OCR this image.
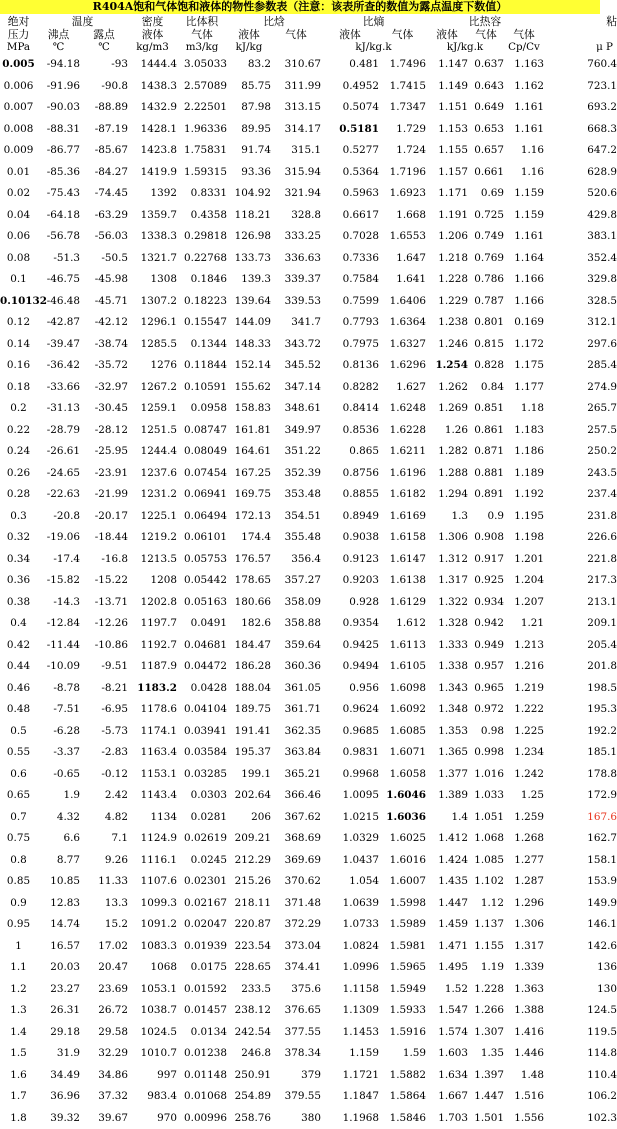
R404A饱和气体饱和液体的物性参数表（注意：该表所查的数值为露点温度下数值）
绝对	温度		密度	比体积	比焓		比熵		比热容			粘
压力	沸点	露点	液体	气体	液体	气体	液体	气体	液体	气体	气体	
MPa	℃	℃	kg/m3	m3/kg	kJ/kg		kJ/kg.k		kJ/kg.k		Cp/Cv	μ P
0.005	-94.18	-93	1444.4	3.05033	83.2	310.67	0.481	1.7496	1.147	0.637	1.163	760.4
0.006	-91.96	-90.8	1438.3	2.57089	85.75	311.99	0.4952	1.7415	1.149	0.643	1.162	723.1
0.007	-90.03	-88.89	1432.9	2.22501	87.98	313.15	0.5074	1.7347	1.151	0.649	1.161	693.2
0.008	-88.31	-87.19	1428.1	1.96336	89.95	314.17	0.5181	1.729	1.153	0.653	1.161	668.3
0.009	-86.77	-85.67	1423.8	1.75831	91.74	315.1	0.5277	1.724	1.155	0.657	1.16	647.2
0.01	-85.36	-84.27	1419.9	1.59315	93.36	315.94	0.5364	1.7196	1.157	0.661	1.16	628.9
0.02	-75.43	-74.45	1392	0.8331	104.92	321.94	0.5963	1.6923	1.171	0.69	1.159	520.6
0.04	-64.18	-63.29	1359.7	0.4358	118.21	328.8	0.6617	1.668	1.191	0.725	1.159	429.8
0.06	-56.78	-56.03	1338.3	0.29818	126.98	333.25	0.7028	1.6553	1.206	0.749	1.161	383.1
0.08	-51.3	-50.5	1321.7	0.22768	133.73	336.63	0.7336	1.647	1.218	0.769	1.164	352.4
0.1	-46.75	-45.98	1308	0.1846	139.3	339.37	0.7584	1.641	1.228	0.786	1.166	329.8
0.10132	-46.48	-45.71	1307.2	0.18223	139.64	339.53	0.7599	1.6406	1.229	0.787	1.166	328.5
0.12	-42.87	-42.12	1296.1	0.15547	144.09	341.7	0.7793	1.6364	1.238	0.801	0.169	312.1
0.14	-39.47	-38.74	1285.5	0.1344	148.33	343.72	0.7975	1.6327	1.246	0.815	1.172	297.6
0.16	-36.42	-35.72	1276	0.11844	152.14	345.52	0.8136	1.6296	1.254	0.828	1.175	285.4
0.18	-33.66	-32.97	1267.2	0.10591	155.62	347.14	0.8282	1.627	1.262	0.84	1.177	274.9
0.2	-31.13	-30.45	1259.1	0.0958	158.83	348.61	0.8414	1.6248	1.269	0.851	1.18	265.7
0.22	-28.79	-28.12	1251.5	0.08747	161.81	349.97	0.8536	1.6228	1.26	0.861	1.183	257.5
0.24	-26.61	-25.95	1244.4	0.08049	164.61	351.22	0.865	1.6211	1.282	0.871	1.186	250.2
0.26	-24.65	-23.91	1237.6	0.07454	167.25	352.39	0.8756	1.6196	1.288	0.881	1.189	243.5
0.28	-22.63	-21.99	1231.2	0.06941	169.75	353.48	0.8855	1.6182	1.294	0.891	1.192	237.4
0.3	-20.8	-20.17	1225.1	0.06494	172.13	354.51	0.8949	1.6169	1.3	0.9	1.195	231.8
0.32	-19.06	-18.44	1219.2	0.06101	174.4	355.48	0.9038	1.6158	1.306	0.908	1.198	226.6
0.34	-17.4	-16.8	1213.5	0.05753	176.57	356.4	0.9123	1.6147	1.312	0.917	1.201	221.8
0.36	-15.82	-15.22	1208	0.05442	178.65	357.27	0.9203	1.6138	1.317	0.925	1.204	217.3
0.38	-14.3	-13.71	1202.8	0.05163	180.66	358.09	0.928	1.6129	1.322	0.934	1.207	213.1
0.4	-12.84	-12.26	1197.7	0.0491	182.6	358.88	0.9354	1.612	1.328	0.942	1.21	209.1
0.42	-11.44	-10.86	1192.7	0.04681	184.47	359.64	0.9425	1.6113	1.333	0.949	1.213	205.4
0.44	-10.09	-9.51	1187.9	0.04472	186.28	360.36	0.9494	1.6105	1.338	0.957	1.216	201.8
0.46	-8.78	-8.21	1183.2	0.0428	188.04	361.05	0.956	1.6098	1.343	0.965	1.219	198.5
0.48	-7.51	-6.95	1178.6	0.04104	189.75	361.71	0.9624	1.6092	1.348	0.972	1.222	195.3
0.5	-6.28	-5.73	1174.1	0.03941	191.41	362.35	0.9685	1.6085	1.353	0.98	1.225	192.2
0.55	-3.37	-2.83	1163.4	0.03584	195.37	363.84	0.9831	1.6071	1.365	0.998	1.234	185.1
0.6	-0.65	-0.12	1153.1	0.03285	199.1	365.21	0.9968	1.6058	1.377	1.016	1.242	178.8
0.65	1.9	2.42	1143.4	0.0303	202.64	366.46	1.0095	1.6046	1.389	1.033	1.25	172.9
0.7	4.32	4.82	1134	0.0281	206	367.62	1.0215	1.6036	1.4	1.051	1.259	167.6
0.75	6.6	7.1	1124.9	0.02619	209.21	368.69	1.0329	1.6025	1.412	1.068	1.268	162.7
0.8	8.77	9.26	1116.1	0.0245	212.29	369.69	1.0437	1.6016	1.424	1.085	1.277	158.1
0.85	10.85	11.33	1107.6	0.02301	215.26	370.62	1.054	1.6007	1.435	1.102	1.287	153.9
0.9	12.83	13.3	1099.3	0.02167	218.11	371.48	1.0639	1.5998	1.447	1.12	1.296	149.9
0.95	14.74	15.2	1091.2	0.02047	220.87	372.29	1.0733	1.5989	1.459	1.137	1.306	146.1
1	16.57	17.02	1083.3	0.01939	223.54	373.04	1.0824	1.5981	1.471	1.155	1.317	142.6
1.1	20.03	20.47	1068	0.0175	228.65	374.41	1.0996	1.5965	1.495	1.19	1.339	136
1.2	23.27	23.69	1053.1	0.01592	233.5	375.6	1.1158	1.5949	1.52	1.228	1.363	130
1.3	26.31	26.72	1038.7	0.01457	238.12	376.65	1.1309	1.5933	1.547	1.266	1.388	124.5
1.4	29.18	29.58	1024.5	0.0134	242.54	377.55	1.1453	1.5916	1.574	1.307	1.416	119.5
1.5	31.9	32.29	1010.7	0.01238	246.8	378.34	1.159	1.59	1.603	1.35	1.446	114.8
1.6	34.49	34.86	997	0.01148	250.91	379	1.1721	1.5882	1.634	1.397	1.48	110.4
1.7	36.96	37.32	983.4	0.01068	254.89	379.55	1.1847	1.5864	1.667	1.447	1.516	106.2
1.8	39.32	39.67	970	0.00996	258.76	380	1.1968	1.5846	1.703	1.501	1.556	102.3
